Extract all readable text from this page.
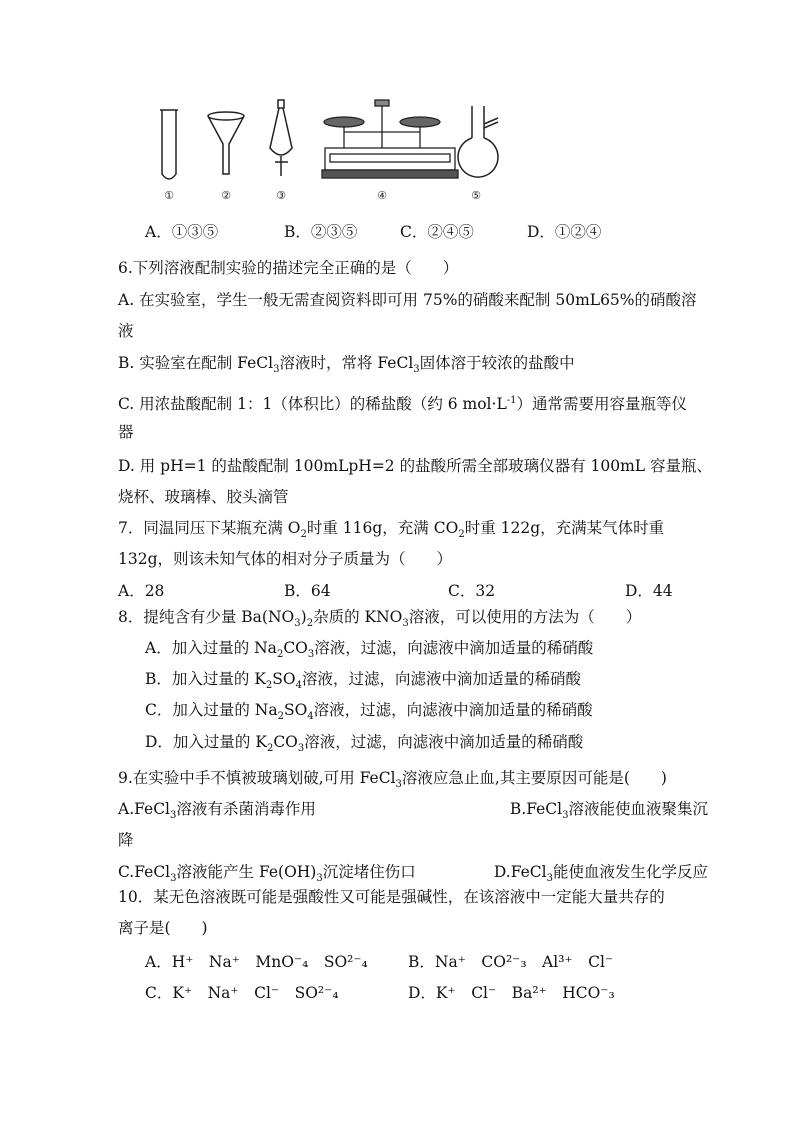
①	②	③	④	⑤
A．①③⑤	B．②③⑤	C．②④⑤	D．①②④
6.下列溶液配制实验的描述完全正确的是（　　）
A. 在实验室，学生一般无需查阅资料即可用 75%的硝酸来配制 50mL65%的硝酸溶
液
B. 实验室在配制 FeCl$_3$溶液时，常将 FeCl$_3$固体溶于较浓的盐酸中
C. 用浓盐酸配制 1：1（体积比）的稀盐酸（约 6 $mol\cdot L^{-1}$）通常需要用容量瓶等仪
器
D. 用 pH=1 的盐酸配制 100mLpH=2 的盐酸所需全部玻璃仪器有 100mL 容量瓶、
烧杯、玻璃棒、胶头滴管
7．同温同压下某瓶充满 $O_2$时重 116g，充满 $CO_2$时重 122g，充满某气体时重
132g，则该未知气体的相对分子质量为（　　）
A．28	B．64	C．32	D．44
8．提纯含有少量 $Ba(NO_3)_2$杂质的 $KNO_3$溶液，可以使用的方法为（　　）
A．加入过量的 $Na_2CO_3$溶液，过滤，向滤液中滴加适量的稀硝酸
B．加入过量的 $K_2SO_4$溶液，过滤，向滤液中滴加适量的稀硝酸
C．加入过量的 $Na_2SO_4$溶液，过滤，向滤液中滴加适量的稀硝酸
D．加入过量的 $K_2CO_3$溶液，过滤，向滤液中滴加适量的稀硝酸
9.在实验中手不慎被玻璃划破,可用 FeCl$_3$溶液应急止血,其主要原因可能是(　　)
A.FeCl$_3$溶液有杀菌消毒作用	B.FeCl$_3$溶液能使血液聚集沉
降
C.FeCl$_3$溶液能产生 $Fe(OH)_3$沉淀堵住伤口	D.FeCl$_3$能使血液发生化学反应
10．某无色溶液既可能是强酸性又可能是强碱性，在该溶液中一定能大量共存的
离子是(　　)
A．H⁺　Na⁺　MnO⁻₄　SO²⁻₄	B．Na⁺　CO²⁻₃　Al³⁺　Cl⁻
C．K⁺　Na⁺　Cl⁻　SO²⁻₄	D．K⁺　Cl⁻　Ba²⁺　HCO⁻₃
